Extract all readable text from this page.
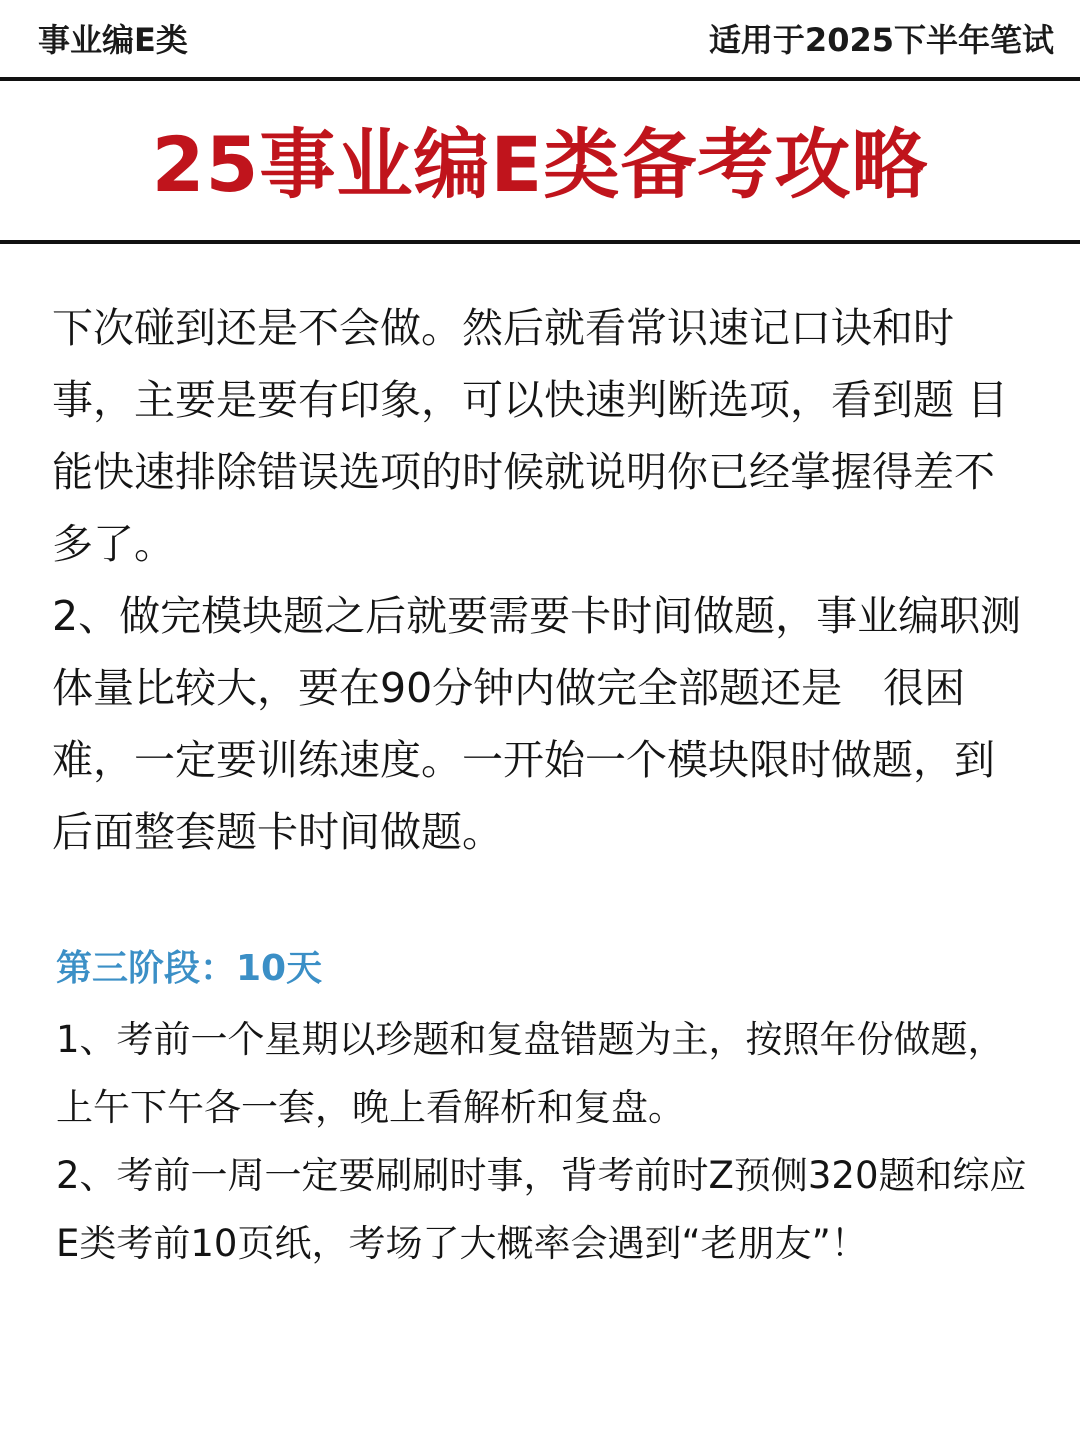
事业编E类	适用于2025下半年笔试
25事业编E类备考攻略

下次碰到还是不会做。然后就看常识速记口诀和时事，主要是要有印象，可以快速判断选项，看到题 目能快速排除错误选项的时候就说明你已经掌握得差不多了。

2、做完模块题之后就要需要卡时间做题，事业编职测体量比较大，要在90分钟内做完全部题还是　很困难，一定要训练速度。一开始一个模块限时做题，到后面整套题卡时间做题。

第三阶段：10天

1、考前一个星期以珍题和复盘错题为主，按照年份做题，上午下午各一套，晚上看解析和复盘。

2、考前一周一定要刷刷时事，背考前时Z预侧320题和综应E类考前10页纸，考场了大概率会遇到“老朋友”！
